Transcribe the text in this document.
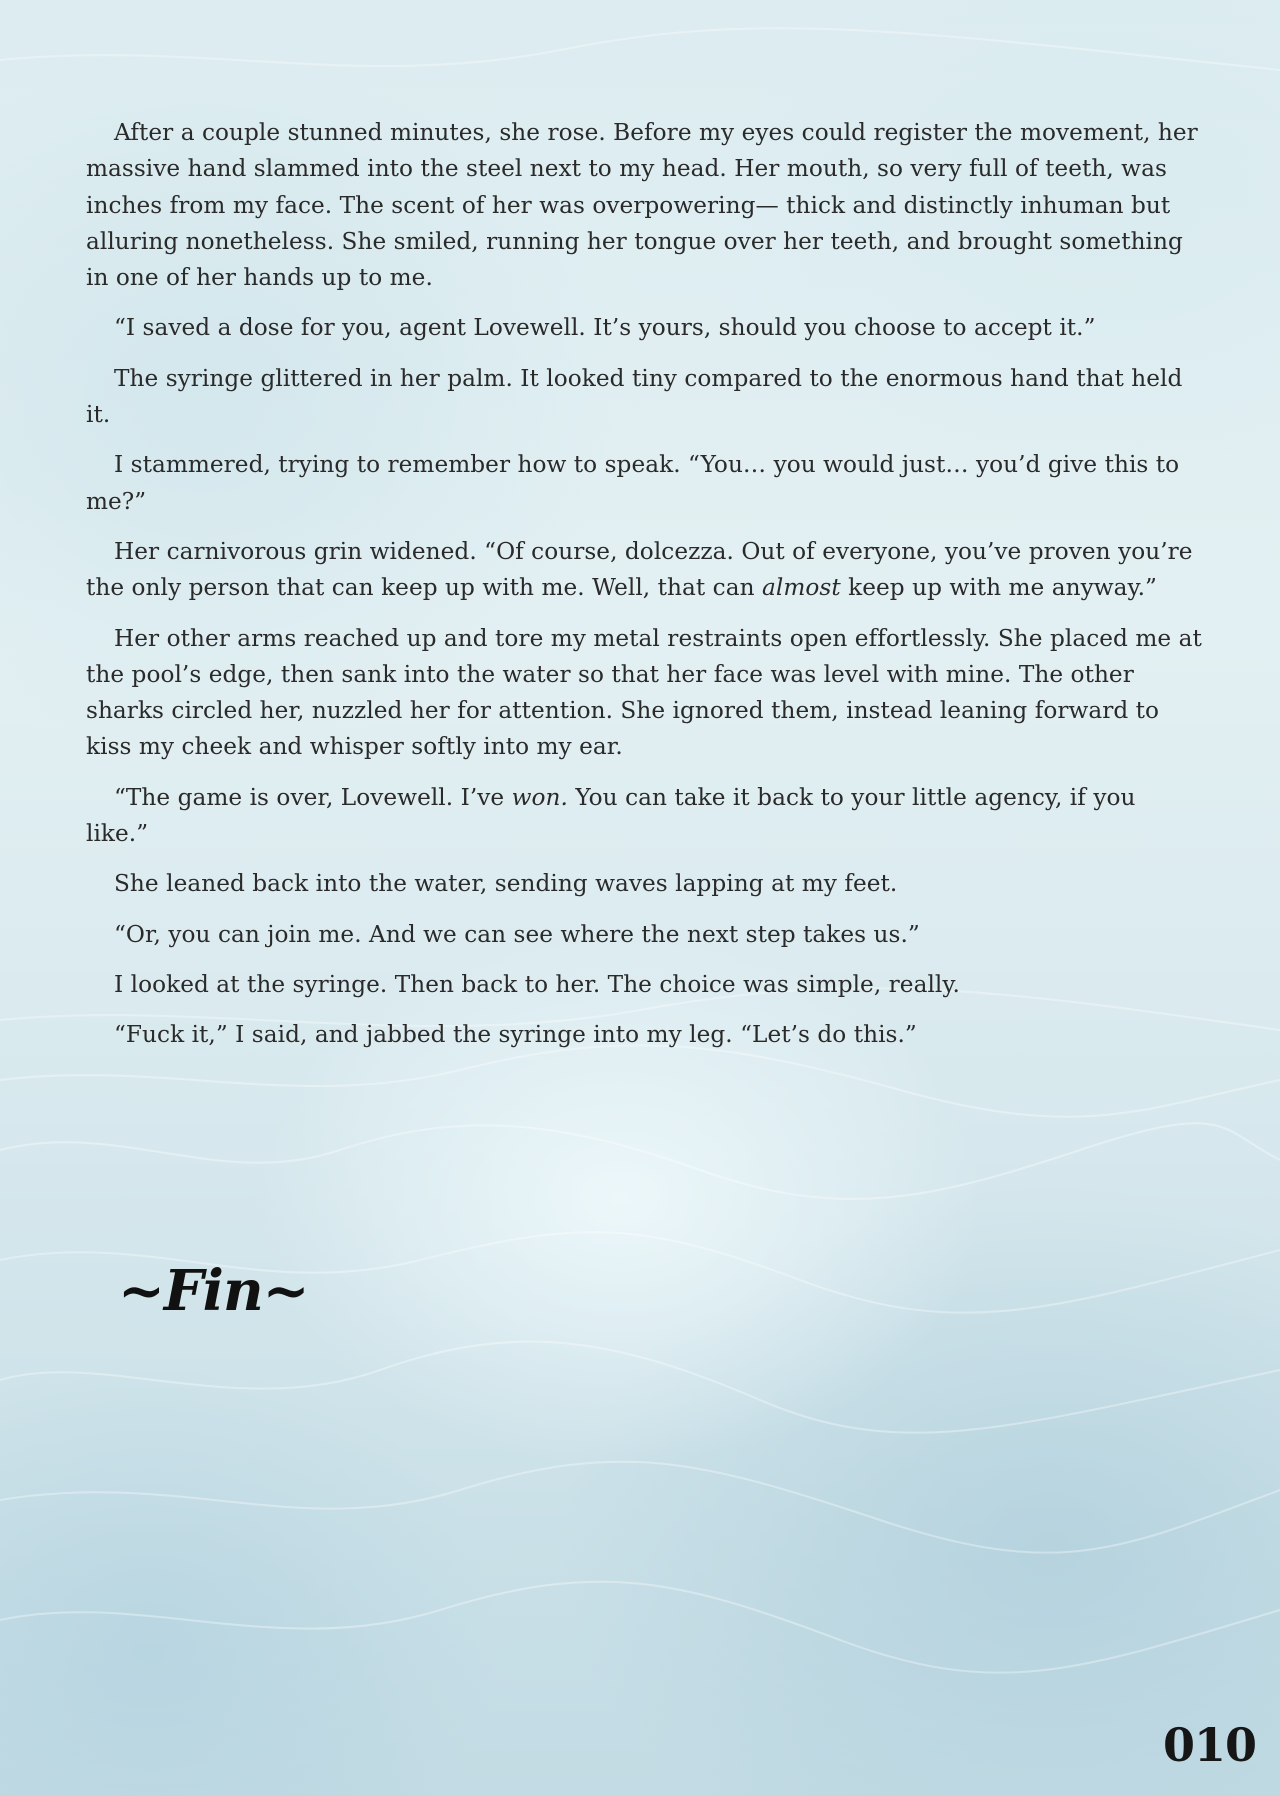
After a couple stunned minutes, she rose. Before my eyes could register the movement, her massive hand slammed into the steel next to my head. Her mouth, so very full of teeth, was inches from my face. The scent of her was overpowering— thick and distinctly inhuman but alluring nonetheless. She smiled, running her tongue over her teeth, and brought something in one of her hands up to me.

“I saved a dose for you, agent Lovewell. It’s yours, should you choose to accept it.”

The syringe glittered in her palm. It looked tiny compared to the enormous hand that held it.

I stammered, trying to remember how to speak. “You… you would just… you’d give this to me?”

Her carnivorous grin widened. “Of course, dolcezza. Out of everyone, you’ve proven you’re the only person that can keep up with me. Well, that can almost keep up with me anyway.”

Her other arms reached up and tore my metal restraints open effortlessly. She placed me at the pool’s edge, then sank into the water so that her face was level with mine. The other sharks circled her, nuzzled her for attention. She ignored them, instead leaning forward to kiss my cheek and whisper softly into my ear.

“The game is over, Lovewell. I’ve won. You can take it back to your little agency, if you like.”

She leaned back into the water, sending waves lapping at my feet.

“Or, you can join me. And we can see where the next step takes us.”

I looked at the syringe. Then back to her. The choice was simple, really.

“Fuck it,” I said, and jabbed the syringe into my leg. “Let’s do this.”

~Fin~
010
